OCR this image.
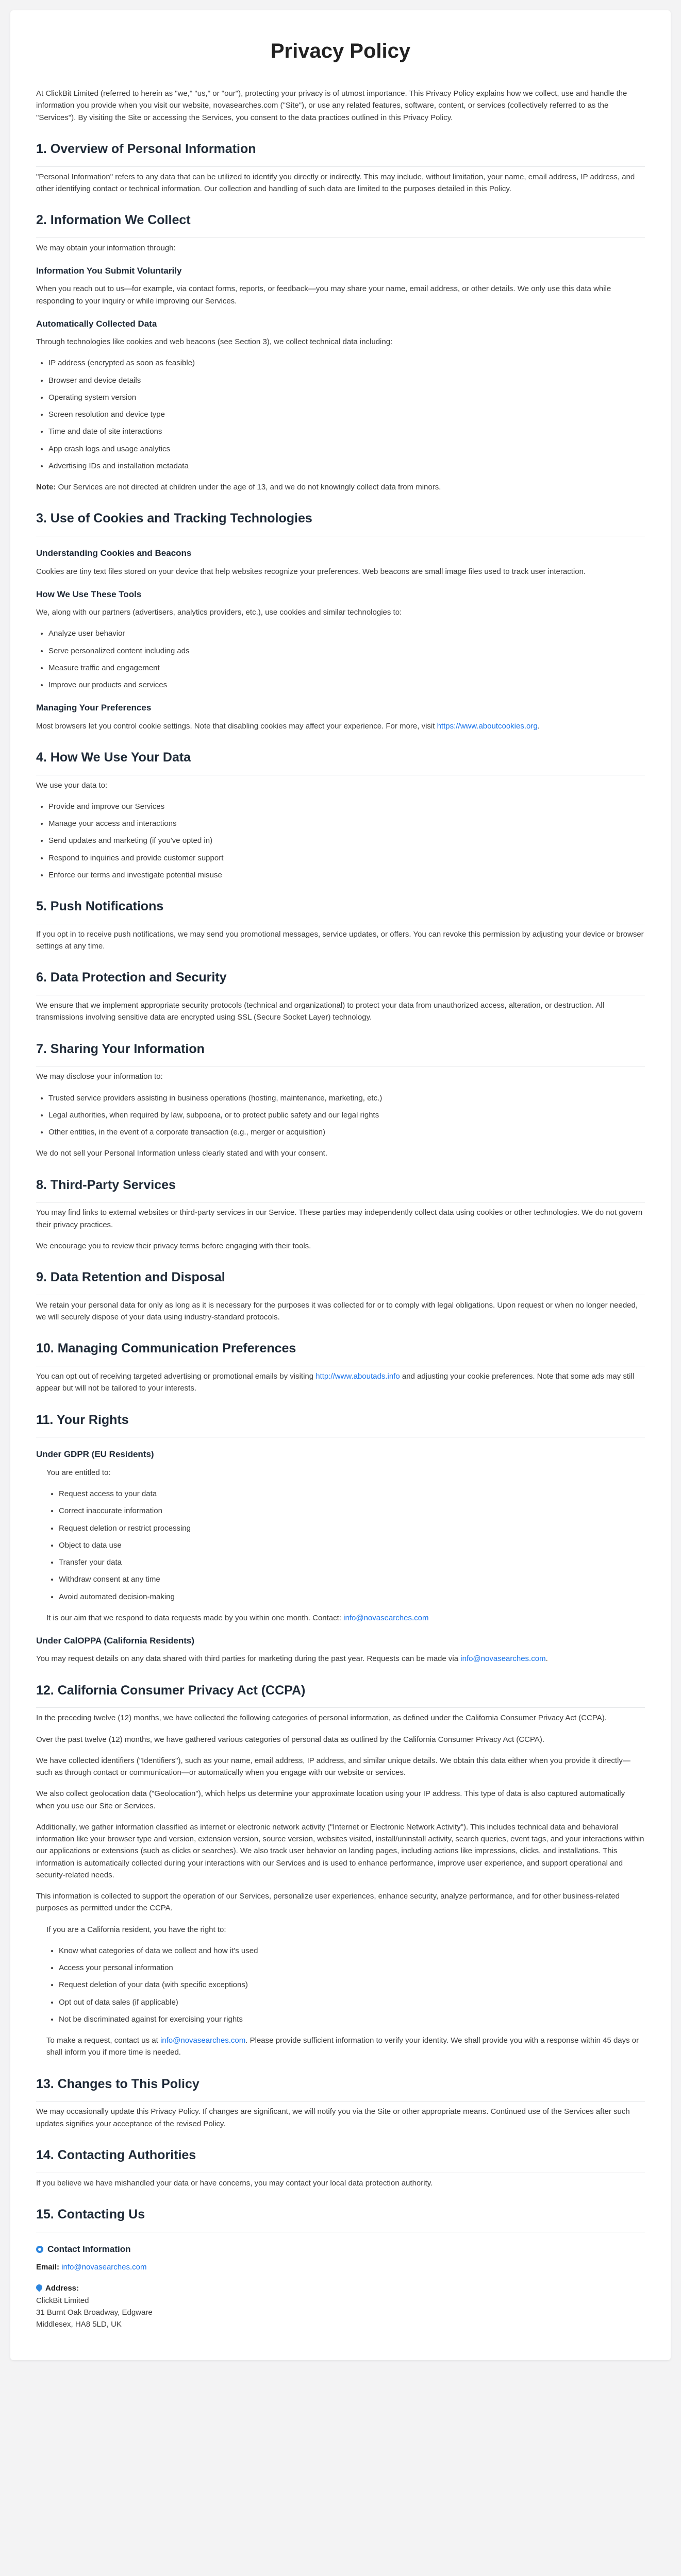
Privacy Policy

At ClickBit Limited (referred to herein as "we," "us," or "our"), protecting your privacy is of utmost importance. This Privacy Policy explains how we collect, use and handle the information you provide when you visit our website, novasearches.com ("Site"), or use any related features, software, content, or services (collectively referred to as the "Services"). By visiting the Site or accessing the Services, you consent to the data practices outlined in this Privacy Policy.

1. Overview of Personal Information

"Personal Information" refers to any data that can be utilized to identify you directly or indirectly. This may include, without limitation, your name, email address, IP address, and other identifying contact or technical information. Our collection and handling of such data are limited to the purposes detailed in this Policy.

2. Information We Collect

We may obtain your information through:

Information You Submit Voluntarily

When you reach out to us—for example, via contact forms, reports, or feedback—you may share your name, email address, or other details. We only use this data while responding to your inquiry or while improving our Services.

Automatically Collected Data

Through technologies like cookies and web beacons (see Section 3), we collect technical data including:

• IP address (encrypted as soon as feasible)
• Browser and device details
• Operating system version
• Screen resolution and device type
• Time and date of site interactions
• App crash logs and usage analytics
• Advertising IDs and installation metadata

Note: Our Services are not directed at children under the age of 13, and we do not knowingly collect data from minors.

3. Use of Cookies and Tracking Technologies
Understanding Cookies and Beacons

Cookies are tiny text files stored on your device that help websites recognize your preferences. Web beacons are small image files used to track user interaction.

How We Use These Tools

We, along with our partners (advertisers, analytics providers, etc.), use cookies and similar technologies to:

• Analyze user behavior
• Serve personalized content including ads
• Measure traffic and engagement
• Improve our products and services
Managing Your Preferences

Most browsers let you control cookie settings. Note that disabling cookies may affect your experience. For more, visit https://www.aboutcookies.org.

4. How We Use Your Data

We use your data to:

• Provide and improve our Services
• Manage your access and interactions
• Send updates and marketing (if you've opted in)
• Respond to inquiries and provide customer support
• Enforce our terms and investigate potential misuse
5. Push Notifications

If you opt in to receive push notifications, we may send you promotional messages, service updates, or offers. You can revoke this permission by adjusting your device or browser settings at any time.

6. Data Protection and Security

We ensure that we implement appropriate security protocols (technical and organizational) to protect your data from unauthorized access, alteration, or destruction. All transmissions involving sensitive data are encrypted using SSL (Secure Socket Layer) technology.

7. Sharing Your Information

We may disclose your information to:

• Trusted service providers assisting in business operations (hosting, maintenance, marketing, etc.)
• Legal authorities, when required by law, subpoena, or to protect public safety and our legal rights
• Other entities, in the event of a corporate transaction (e.g., merger or acquisition)

We do not sell your Personal Information unless clearly stated and with your consent.

8. Third-Party Services

You may find links to external websites or third-party services in our Service. These parties may independently collect data using cookies or other technologies. We do not govern their privacy practices.

We encourage you to review their privacy terms before engaging with their tools.

9. Data Retention and Disposal

We retain your personal data for only as long as it is necessary for the purposes it was collected for or to comply with legal obligations. Upon request or when no longer needed, we will securely dispose of your data using industry-standard protocols.

10. Managing Communication Preferences

You can opt out of receiving targeted advertising or promotional emails by visiting http://www.aboutads.info and adjusting your cookie preferences. Note that some ads may still appear but will not be tailored to your interests.

11. Your Rights
Under GDPR (EU Residents)

You are entitled to:

• Request access to your data
• Correct inaccurate information
• Request deletion or restrict processing
• Object to data use
• Transfer your data
• Withdraw consent at any time
• Avoid automated decision-making

It is our aim that we respond to data requests made by you within one month. Contact: info@novasearches.com

Under CalOPPA (California Residents)

You may request details on any data shared with third parties for marketing during the past year. Requests can be made via info@novasearches.com.

12. California Consumer Privacy Act (CCPA)

In the preceding twelve (12) months, we have collected the following categories of personal information, as defined under the California Consumer Privacy Act (CCPA).

Over the past twelve (12) months, we have gathered various categories of personal data as outlined by the California Consumer Privacy Act (CCPA).

We have collected identifiers ("Identifiers"), such as your name, email address, IP address, and similar unique details. We obtain this data either when you provide it directly—such as through contact or communication—or automatically when you engage with our website or services.

We also collect geolocation data ("Geolocation"), which helps us determine your approximate location using your IP address. This type of data is also captured automatically when you use our Site or Services.

Additionally, we gather information classified as internet or electronic network activity ("Internet or Electronic Network Activity"). This includes technical data and behavioral information like your browser type and version, extension version, source version, websites visited, install/uninstall activity, search queries, event tags, and your interactions within our applications or extensions (such as clicks or searches). We also track user behavior on landing pages, including actions like impressions, clicks, and installations. This information is automatically collected during your interactions with our Services and is used to enhance performance, improve user experience, and support operational and security-related needs.

This information is collected to support the operation of our Services, personalize user experiences, enhance security, analyze performance, and for other business-related purposes as permitted under the CCPA.

If you are a California resident, you have the right to:

• Know what categories of data we collect and how it's used
• Access your personal information
• Request deletion of your data (with specific exceptions)
• Opt out of data sales (if applicable)
• Not be discriminated against for exercising your rights

To make a request, contact us at info@novasearches.com. Please provide sufficient information to verify your identity. We shall provide you with a response within 45 days or shall inform you if more time is needed.

13. Changes to This Policy

We may occasionally update this Privacy Policy. If changes are significant, we will notify you via the Site or other appropriate means. Continued use of the Services after such updates signifies your acceptance of the revised Policy.

14. Contacting Authorities

If you believe we have mishandled your data or have concerns, you may contact your local data protection authority.

15. Contacting Us
Contact Information

Email: info@novasearches.com

Address:
ClickBit Limited
31 Burnt Oak Broadway, Edgware
Middlesex, HA8 5LD, UK
